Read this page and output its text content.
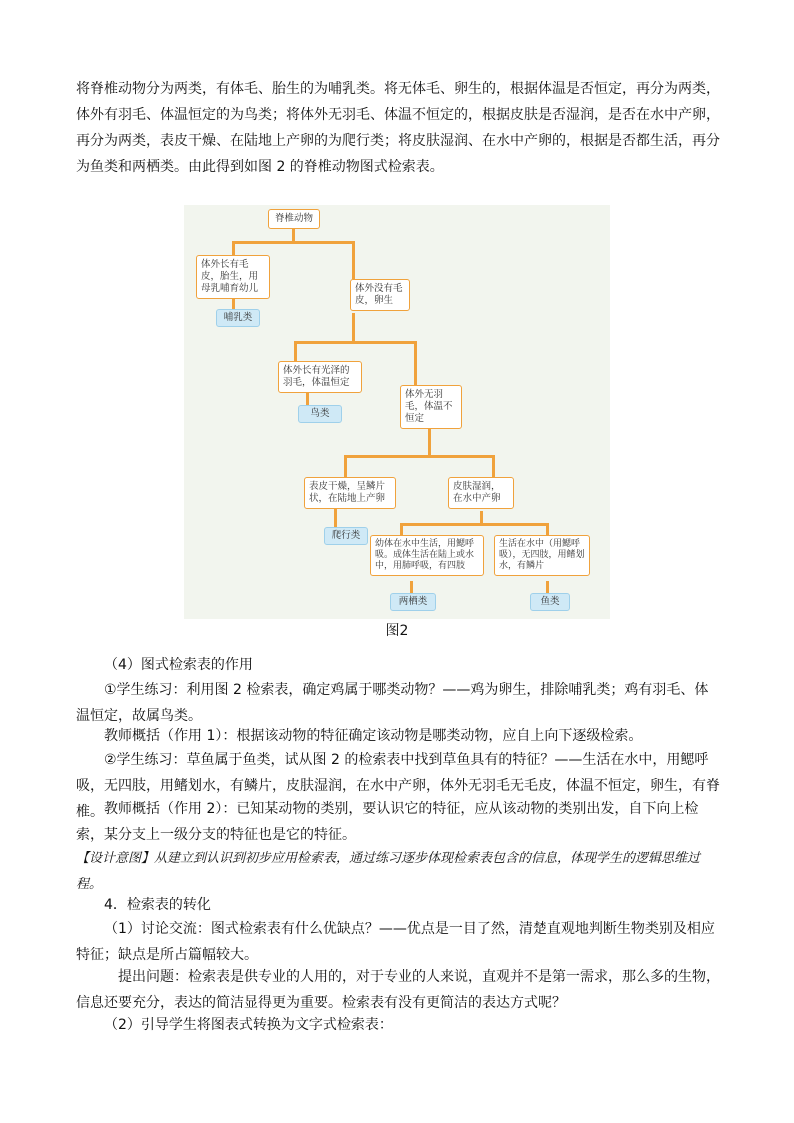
将脊椎动物分为两类，有体毛、胎生的为哺乳类。将无体毛、卵生的，根据体温是否恒定，再分为两类，
体外有羽毛、体温恒定的为鸟类；将体外无羽毛、体温不恒定的，根据皮肤是否湿润，是否在水中产卵，
再分为两类，表皮干燥、在陆地上产卵的为爬行类；将皮肤湿润、在水中产卵的，根据是否都生活，再分
为鱼类和两栖类。由此得到如图 2 的脊椎动物图式检索表。
脊椎动物
体外长有毛皮，胎生，用母乳哺育幼儿
哺乳类
体外没有毛皮，卵生
体外长有光泽的羽毛，体温恒定
鸟类
体外无羽毛，体温不恒定
表皮干燥，呈鳞片状，在陆地上产卵
爬行类
皮肤湿润，在水中产卵
幼体在水中生活，用鳃呼吸。成体生活在陆上或水中，用肺呼吸，有四肢
生活在水中（用鳃呼吸），无四肢，用鳍划水，有鳞片
两栖类	鱼类
图2

（4）图式检索表的作用

①学生练习：利用图 2 检索表，确定鸡属于哪类动物？——鸡为卵生，排除哺乳类；鸡有羽毛、体温恒定，故属鸟类。

教师概括（作用 1）：根据该动物的特征确定该动物是哪类动物，应自上向下逐级检索。

②学生练习：草鱼属于鱼类，试从图 2 的检索表中找到草鱼具有的特征？——生活在水中，用鳃呼吸，无四肢，用鳍划水，有鳞片，皮肤湿润，在水中产卵，体外无羽毛无毛皮，体温不恒定，卵生，有脊椎。 教师概括（作用 2）：已知某动物的类别，要认识它的特征，应从该动物的类别出发，自下向上检索，某分支上一级分支的特征也是它的特征。

【设计意图】从建立到认识到初步应用检索表，通过练习逐步体现检索表包含的信息，体现学生的逻辑思维过程。

4．检索表的转化

（1）讨论交流：图式检索表有什么优缺点？——优点是一目了然，清楚直观地判断生物类别及相应特征；缺点是所占篇幅较大。

提出问题：检索表是供专业的人用的，对于专业的人来说，直观并不是第一需求，那么多的生物，信息还要充分，表达的简洁显得更为重要。检索表有没有更简洁的表达方式呢？

（2）引导学生将图表式转换为文字式检索表：
